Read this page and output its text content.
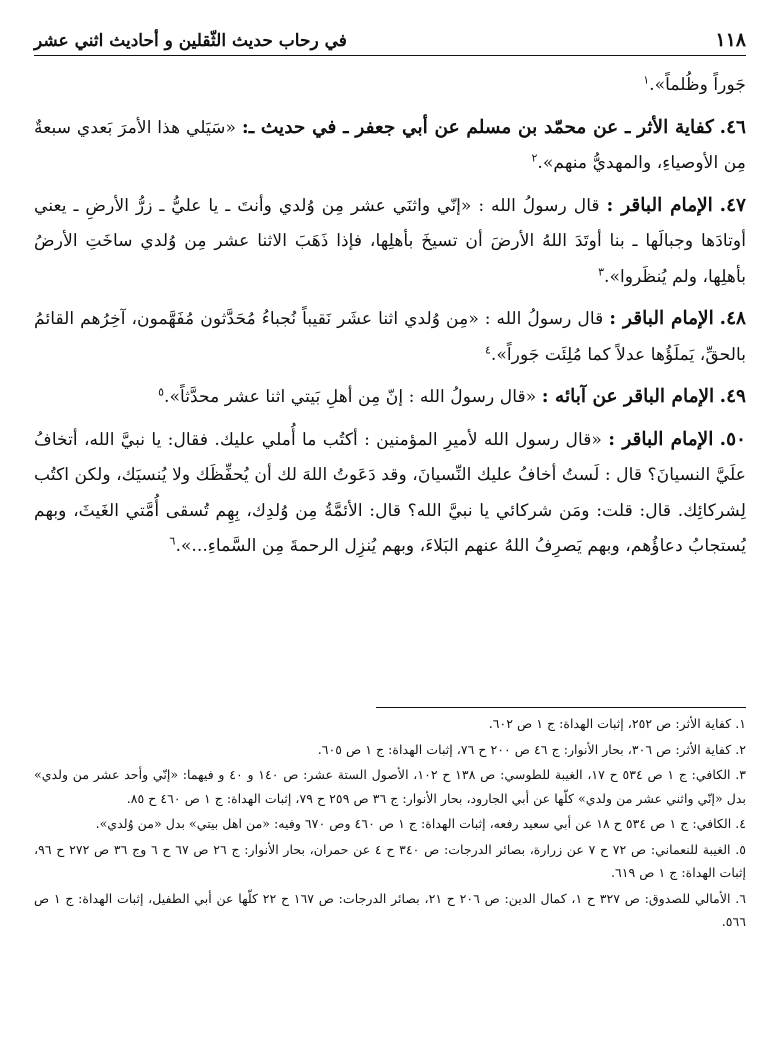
١١٨
في رحاب حديث الثّقلين و أحاديث اثني عشر

جَوراً وظُلماً».$^١$

٤٦. كفاية الأثر ـ عن محمّد بن مسلم عن أبي جعفر ـ في حديث ـ: «سَيَلي هذا الأمرَ بَعدي سبعةٌ مِن الأوصياءِ، والمهديُّ منهم».$^٢$

٤٧. الإمام الباقر : قال رسولُ الله : «إنّي واثنَي عشر مِن وُلدي وأنتَ ـ يا عليُّ ـ زرُّ الأرضِ ـ يعني أوتادَها وجبالَها ـ بنا أوتَدَ اللهُ الأرضَ أن تسيخَ بأهلِها، فإذا ذَهَبَ الاثنا عشر مِن وُلدي ساخَتِ الأرضُ بأهلِها، ولم يُنظَروا».$^٣$

٤٨. الإمام الباقر : قال رسولُ الله : «مِن وُلدي اثنا عشَر نَقيباً نُجباءُ مُحَدَّثون مُفَهَّمون، آخِرُهم القائمُ بالحقِّ، يَملَؤُها عدلاً كما مُلِئَت جَوراً».$^٤$

٤٩. الإمام الباقر عن آبائه : «قال رسولُ الله : إنّ مِن أهلِ بَيتي اثنا عشر محدَّثاً».$^٥$

٥٠. الإمام الباقر : «قال رسول الله لأميرِ المؤمنين : أكتُب ما أُملي عليك. فقال: يا نبيَّ الله، أتخافُ علَيَّ النسيانَ؟ قال : لَستُ أخافُ عليك النِّسيانَ، وقد دَعَوتُ اللهَ لك أن يُحفِّظَك ولا يُنسيَك، ولكن اكتُب لِشركائِك. قال: قلت: ومَن شركائي يا نبيَّ الله؟ قال: الأئمَّةُ مِن وُلدِك، بِهِم تُسقى أُمَّتي الغَيثَ، وبهم يُستجابُ دعاؤُهم، وبهم يَصرِفُ اللهُ عنهم البَلاءَ، وبهم يُنزِل الرحمةَ مِن السَّماءِ...».$^٦$

١. كفاية الأثر: ص ٢٥٢، إثبات الهداة: ج ١ ص ٦٠٢.
٢. كفاية الأثر: ص ٣٠٦، بحار الأنوار: ج ٤٦ ص ٢٠٠ ح ٧٦، إثبات الهداة: ج ١ ص ٦٠٥.
٣. الكافي: ج ١ ص ٥٣٤ ح ١٧، الغيبة للطوسي: ص ١٣٨ ح ١٠٢، الأصول الستة عشر: ص ١٤٠ و ٤٠ و فيهما: «إنّي وأحد عشر من ولدي» بدل «إنّي واثني عشر من ولدي» كلّها عن أبي الجارود، بحار الأنوار: ج ٣٦ ص ٢٥٩ ح ٧٩، إثبات الهداة: ج ١ ص ٤٦٠ ح ٨٥.
٤. الكافي: ج ١ ص ٥٣٤ ح ١٨ عن أبي سعيد رفعه، إثبات الهداة: ج ١ ص ٤٦٠ وص ٦٧٠ وفيه: «من اهل بيتي» بدل «من وُلدي».
٥. الغيبة للنعماني: ص ٧٢ ح ٧ عن زرارة، بصائر الدرجات: ص ٣٤٠ ح ٤ عن حمران، بحار الأنوار: ج ٢٦ ص ٦٧ ح ٦ وج ٣٦ ص ٢٧٢ ح ٩٦، إثبات الهداة: ج ١ ص ٦١٩.
٦. الأمالي للصدوق: ص ٣٢٧ ح ١، كمال الدين: ص ٢٠٦ ح ٢١، بصائر الدرجات: ص ١٦٧ ح ٢٢ كلّها عن أبي الطفيل، إثبات الهداة: ج ١ ص ٥٦٦.
